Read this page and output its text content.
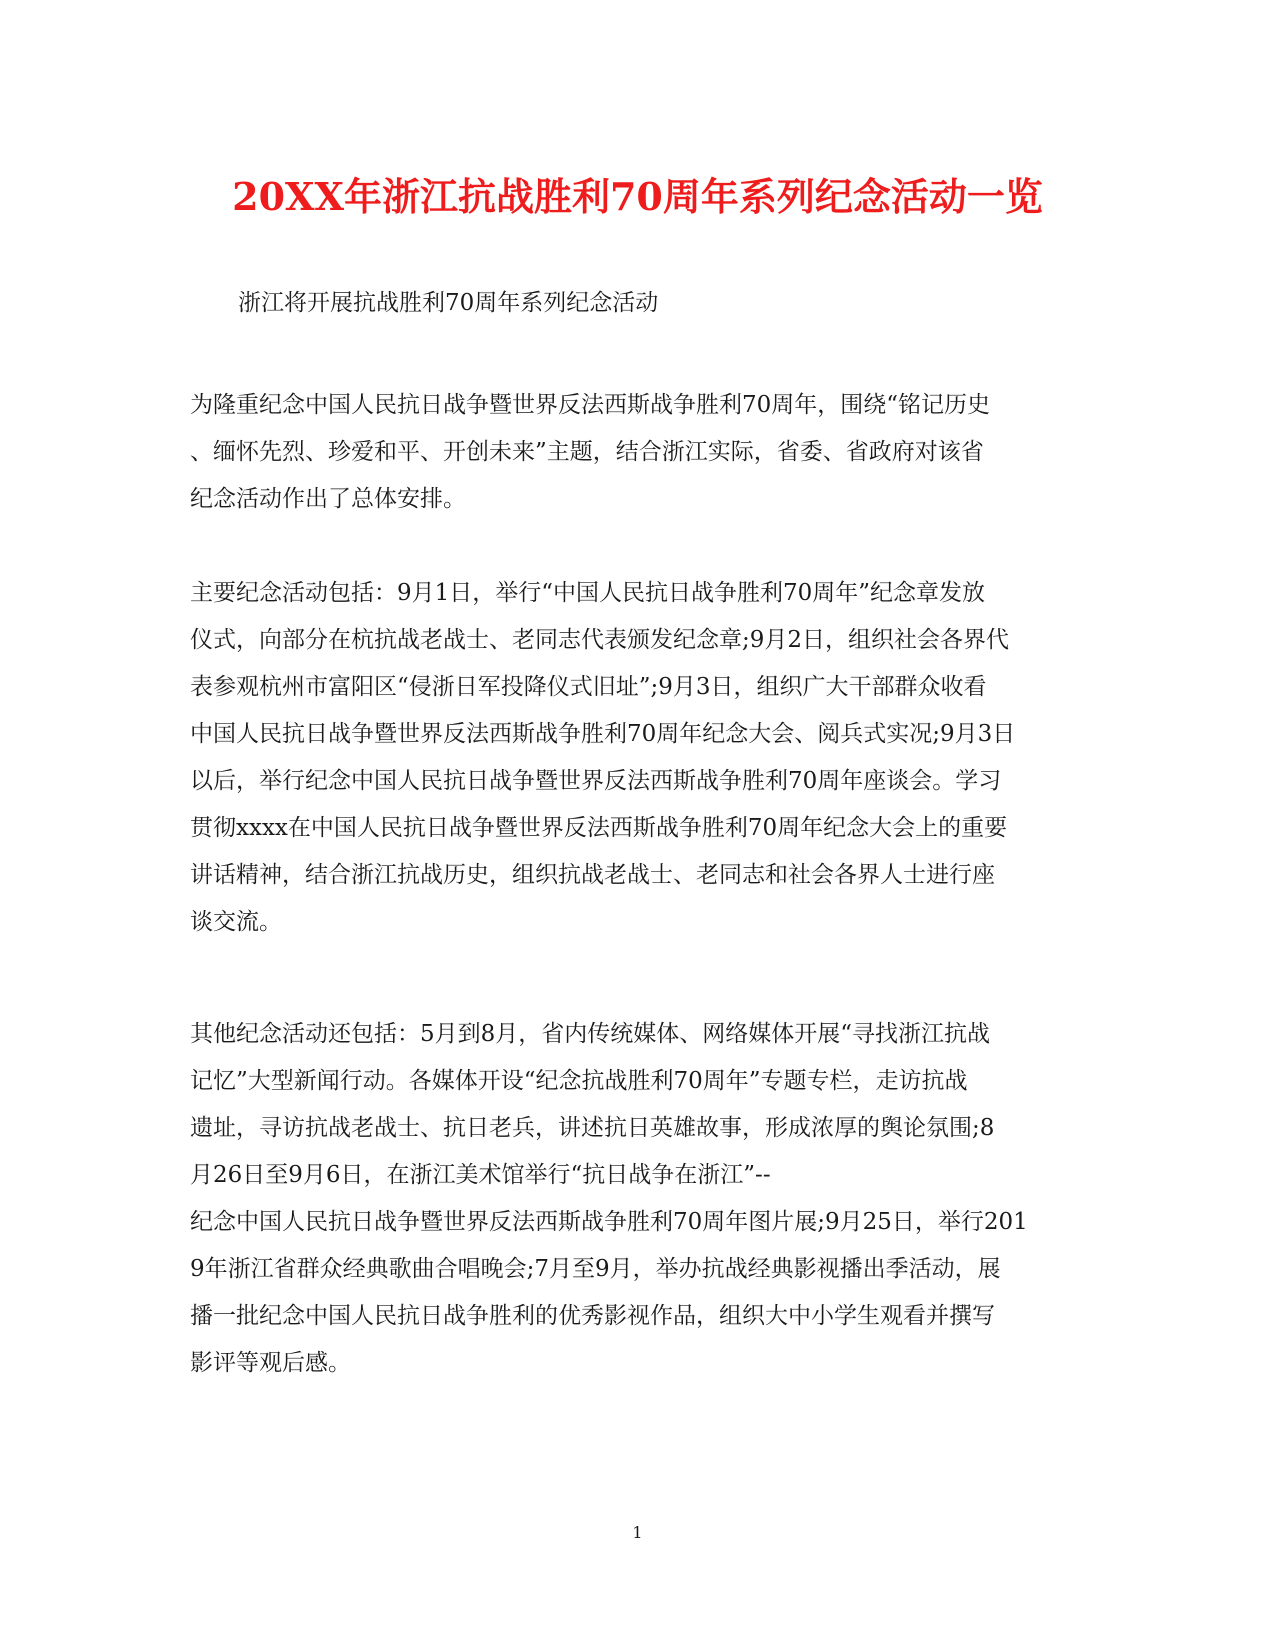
20XX年浙江抗战胜利70周年系列纪念活动一览
浙江将开展抗战胜利70周年系列纪念活动
为隆重纪念中国人民抗日战争暨世界反法西斯战争胜利70周年，围绕“铭记历史
、缅怀先烈、珍爱和平、开创未来”主题，结合浙江实际，省委、省政府对该省
纪念活动作出了总体安排。
主要纪念活动包括：9月1日，举行“中国人民抗日战争胜利70周年”纪念章发放
仪式，向部分在杭抗战老战士、老同志代表颁发纪念章;9月2日，组织社会各界代
表参观杭州市富阳区“侵浙日军投降仪式旧址”;9月3日，组织广大干部群众收看
中国人民抗日战争暨世界反法西斯战争胜利70周年纪念大会、阅兵式实况;9月3日
以后，举行纪念中国人民抗日战争暨世界反法西斯战争胜利70周年座谈会。学习
贯彻xxxx在中国人民抗日战争暨世界反法西斯战争胜利70周年纪念大会上的重要
讲话精神，结合浙江抗战历史，组织抗战老战士、老同志和社会各界人士进行座
谈交流。
其他纪念活动还包括：5月到8月，省内传统媒体、网络媒体开展“寻找浙江抗战
记忆”大型新闻行动。各媒体开设“纪念抗战胜利70周年”专题专栏，走访抗战
遗址，寻访抗战老战士、抗日老兵，讲述抗日英雄故事，形成浓厚的舆论氛围;8
月26日至9月6日，在浙江美术馆举行“抗日战争在浙江”--
纪念中国人民抗日战争暨世界反法西斯战争胜利70周年图片展;9月25日，举行201
9年浙江省群众经典歌曲合唱晚会;7月至9月，举办抗战经典影视播出季活动，展
播一批纪念中国人民抗日战争胜利的优秀影视作品，组织大中小学生观看并撰写
影评等观后感。
1
